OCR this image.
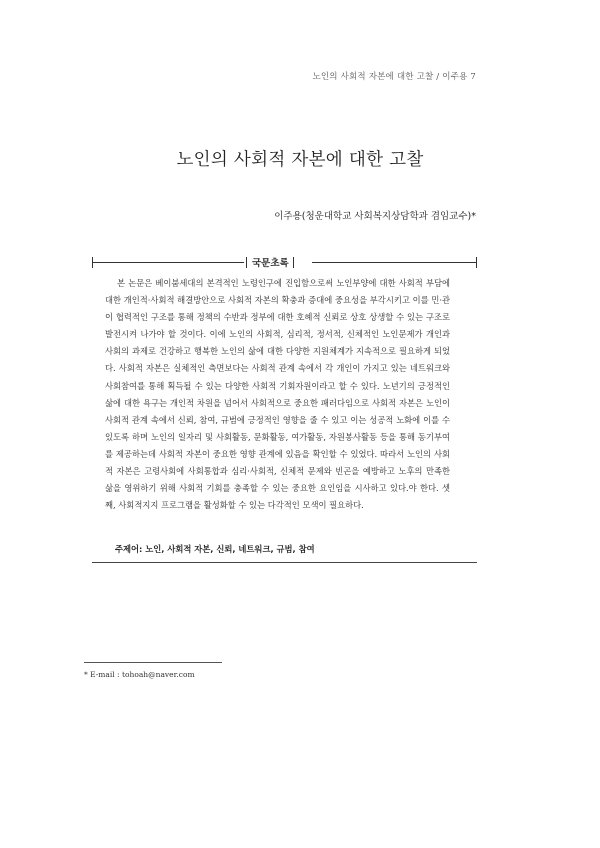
노인의 사회적 자본에 대한 고찰 / 이주용 7
노인의 사회적 자본에 대한 고찰
이주용(청운대학교 사회복지상담학과 겸임교수)*
국문초록
본 논문은 베이붐세대의 본격적인 노령인구에 진입함으로써 노인부양에 대한 사회적 부담에 대한 개인적·사회적 해결방안으로 사회적 자본의 확충과 증대에 중요성을 부각시키고 이를 민·관이 협력적인 구조를 통해 정책의 수반과 정부에 대한 호혜적 신뢰로 상호 상생할 수 있는 구조로 발전시켜 나가야 할 것이다. 이에 노인의 사회적, 심리적, 정서적, 신체적인 노인문제가 개인과 사회의 과제로 건강하고 행복한 노인의 삶에 대한 다양한 지원체계가 지속적으로 필요하게 되었다. 사회적 자본은 실체적인 측면보다는 사회적 관계 속에서 각 개인이 가지고 있는 네트워크와 사회참여를 통해 획득될 수 있는 다양한 사회적 기회자원이라고 할 수 있다. 노년기의 긍정적인 삶에 대한 욕구는 개인적 차원을 넘어서 사회적으로 중요한 패러다임으로 사회적 자본은 노인이 사회적 관계 속에서 신뢰, 참여, 규범에 긍정적인 영향을 줄 수 있고 이는 성공적 노화에 이를 수 있도록 하며 노인의 일자리 및 사회활동, 문화활동, 여가활동, 자원봉사활동 등을 통해 동기부여를 제공하는데 사회적 자본이 중요한 영향 관계에 있음을 확인할 수 있었다. 따라서 노인의 사회적 자본은 고령사회에 사회통합과 심리·사회적, 신체적 문제와 빈곤을 예방하고 노후의 만족한 삶을 영위하기 위해 사회적 기회를 충족할 수 있는 중요한 요인임을 시사하고 있다.야 한다. 셋째, 사회적지지 프로그램을 활성화할 수 있는 다각적인 모색이 필요하다.
주제어: 노인, 사회적 자본, 신뢰, 네트워크, 규범, 참여
* E-mail : tohoah@naver.com
